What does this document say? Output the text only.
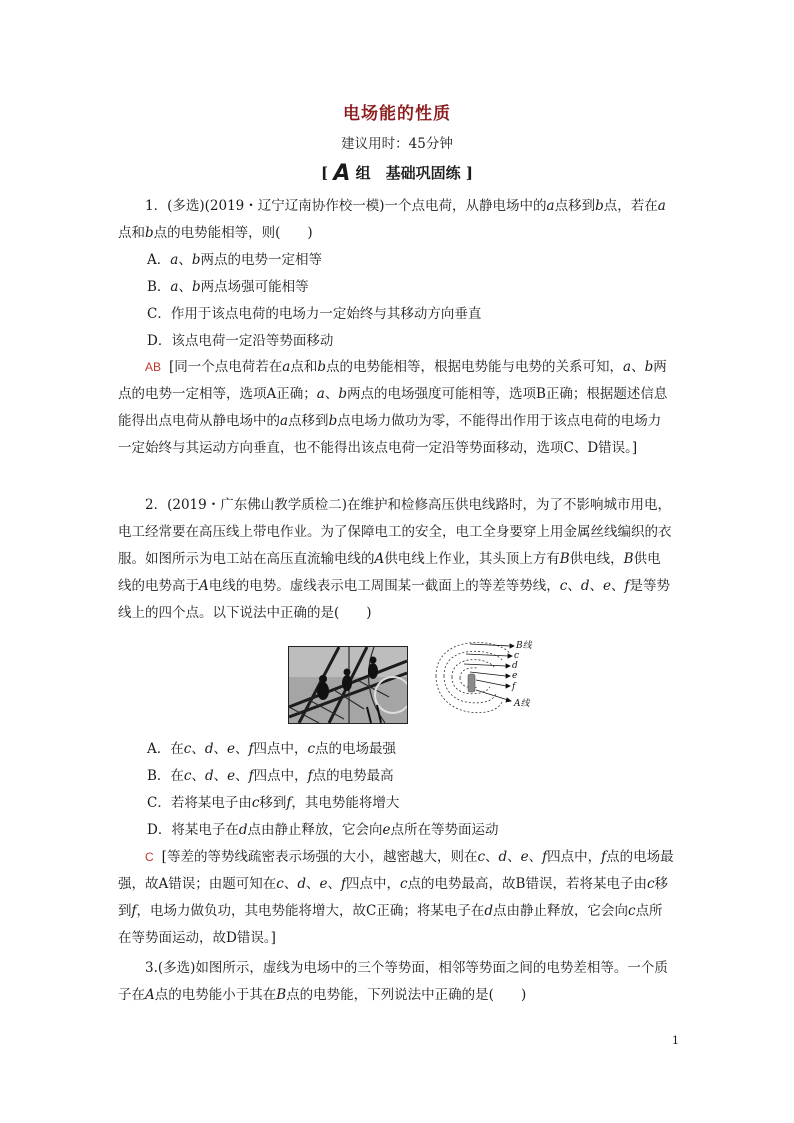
电场能的性质
建议用时：45分钟
[ A 组　基础巩固练 ]
1．(多选)(2019・辽宁辽南协作校一模)一个点电荷，从静电场中的a点移到b点，若在a点和b点的电势能相等，则(　　)
A．a、b两点的电势一定相等
B．a、b两点场强可能相等
C．作用于该点电荷的电场力一定始终与其移动方向垂直
D．该点电荷一定沿等势面移动
AB [同一个点电荷若在a点和b点的电势能相等，根据电势能与电势的关系可知，a、b两点的电势一定相等，选项A正确；a、b两点的电场强度可能相等，选项B正确；根据题述信息能得出点电荷从静电场中的a点移到b点电场力做功为零，不能得出作用于该点电荷的电场力一定始终与其运动方向垂直，也不能得出该点电荷一定沿等势面移动，选项C、D错误。]
2．(2019・广东佛山教学质检二)在维护和检修高压供电线路时，为了不影响城市用电，电工经常要在高压线上带电作业。为了保障电工的安全，电工全身要穿上用金属丝线编织的衣服。如图所示为电工站在高压直流输电线的A供电线上作业，其头顶上方有B供电线，B供电线的电势高于A电线的电势。虚线表示电工周围某一截面上的等差等势线，c、d、e、f是等势线上的四个点。以下说法中正确的是(　　)
B线
c
d
e
f
A线
A．在c、d、e、f四点中，c点的电场最强
B．在c、d、e、f四点中，f点的电势最高
C．若将某电子由c移到f，其电势能将增大
D．将某电子在d点由静止释放，它会向e点所在等势面运动
C [等差的等势线疏密表示场强的大小，越密越大，则在c、d、e、f四点中，f点的电场最强，故A错误；由题可知在c、d、e、f四点中，c点的电势最高，故B错误，若将某电子由c移到f，电场力做负功，其电势能将增大，故C正确；将某电子在d点由静止释放，它会向c点所在等势面运动，故D错误。]
3.(多选)如图所示，虚线为电场中的三个等势面，相邻等势面之间的电势差相等。一个质子在A点的电势能小于其在B点的电势能，下列说法中正确的是(　　)
1
